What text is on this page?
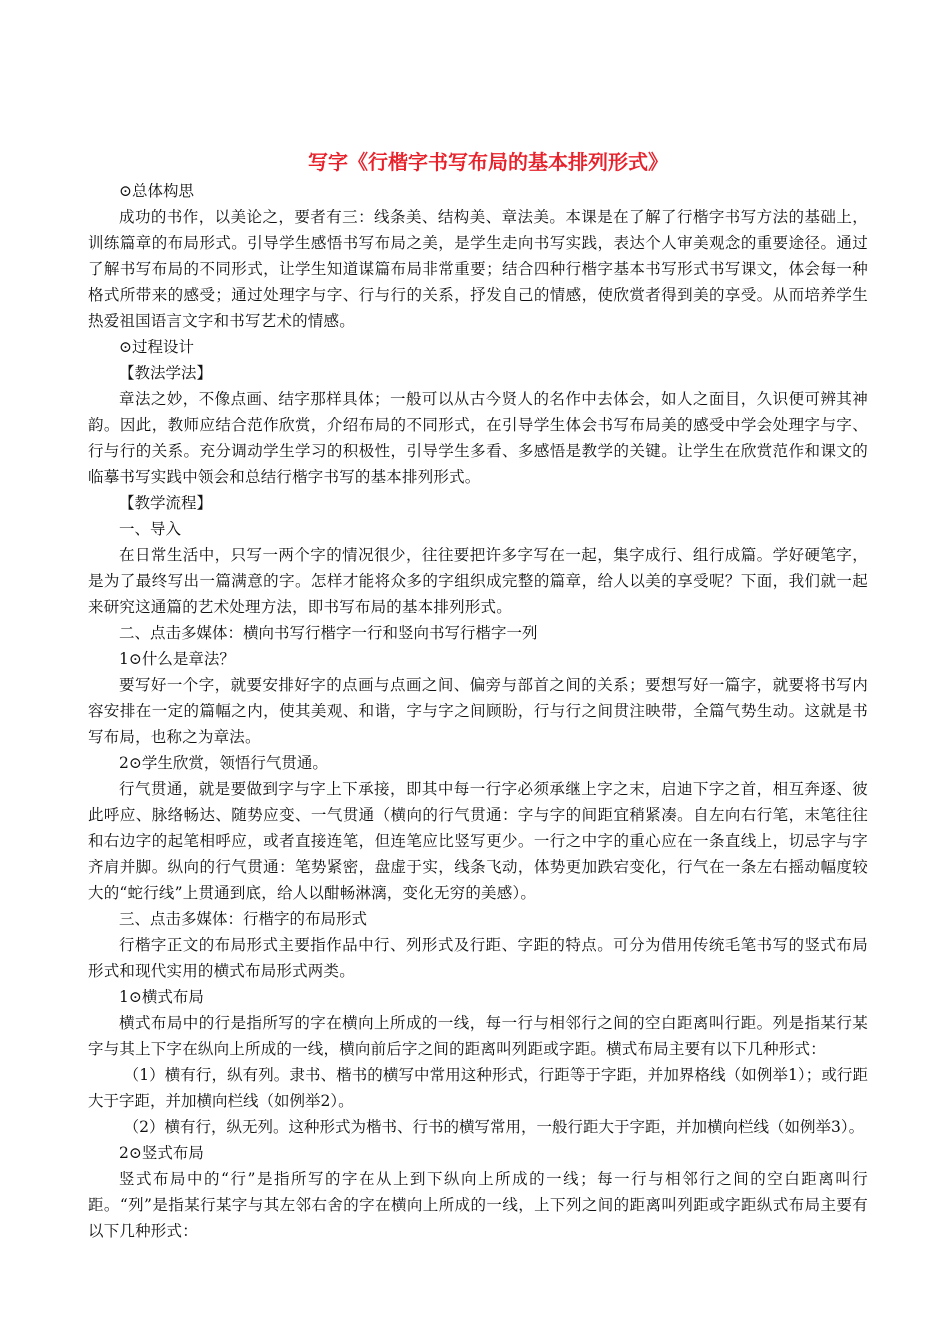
写字《行楷字书写布局的基本排列形式》
⊙总体构思
成功的书作，以美论之，要者有三：线条美、结构美、章法美。本课是在了解了行楷字书写方法的基础上，训练篇章的布局形式。引导学生感悟书写布局之美，是学生走向书写实践，表达个人审美观念的重要途径。通过了解书写布局的不同形式，让学生知道谋篇布局非常重要；结合四种行楷字基本书写形式书写课文，体会每一种格式所带来的感受；通过处理字与字、行与行的关系，抒发自己的情感，使欣赏者得到美的享受。从而培养学生热爱祖国语言文字和书写艺术的情感。
⊙过程设计
【教法学法】
章法之妙，不像点画、结字那样具体；一般可以从古今贤人的名作中去体会，如人之面目，久识便可辨其神韵。因此，教师应结合范作欣赏，介绍布局的不同形式，在引导学生体会书写布局美的感受中学会处理字与字、行与行的关系。充分调动学生学习的积极性，引导学生多看、多感悟是教学的关键。让学生在欣赏范作和课文的临摹书写实践中领会和总结行楷字书写的基本排列形式。
【教学流程】
一、导入
在日常生活中，只写一两个字的情况很少，往往要把许多字写在一起，集字成行、组行成篇。学好硬笔字，是为了最终写出一篇满意的字。怎样才能将众多的字组织成完整的篇章，给人以美的享受呢？下面，我们就一起来研究这通篇的艺术处理方法，即书写布局的基本排列形式。
二、点击多媒体：横向书写行楷字一行和竖向书写行楷字一列
1⊙什么是章法？
要写好一个字，就要安排好字的点画与点画之间、偏旁与部首之间的关系；要想写好一篇字，就要将书写内容安排在一定的篇幅之内，使其美观、和谐，字与字之间顾盼，行与行之间贯注映带，全篇气势生动。这就是书写布局，也称之为章法。
2⊙学生欣赏，领悟行气贯通。
行气贯通，就是要做到字与字上下承接，即其中每一行字必须承继上字之末，启迪下字之首，相互奔逐、彼此呼应、脉络畅达、随势应变、一气贯通（横向的行气贯通：字与字的间距宜稍紧凑。自左向右行笔，末笔往往和右边字的起笔相呼应，或者直接连笔，但连笔应比竖写更少。一行之中字的重心应在一条直线上，切忌字与字齐肩并脚。纵向的行气贯通：笔势紧密，盘虚于实，线条飞动，体势更加跌宕变化，行气在一条左右摇动幅度较大的“蛇行线”上贯通到底，给人以酣畅淋漓，变化无穷的美感）。
三、点击多媒体：行楷字的布局形式
行楷字正文的布局形式主要指作品中行、列形式及行距、字距的特点。可分为借用传统毛笔书写的竖式布局形式和现代实用的横式布局形式两类。
1⊙横式布局
横式布局中的行是指所写的字在横向上所成的一线，每一行与相邻行之间的空白距离叫行距。列是指某行某字与其上下字在纵向上所成的一线，横向前后字之间的距离叫列距或字距。横式布局主要有以下几种形式：
（1）横有行，纵有列。隶书、楷书的横写中常用这种形式，行距等于字距，并加界格线（如例举1）；或行距大于字距，并加横向栏线（如例举2）。
（2）横有行，纵无列。这种形式为楷书、行书的横写常用，一般行距大于字距，并加横向栏线（如例举3）。
2⊙竖式布局
竖式布局中的“行”是指所写的字在从上到下纵向上所成的一线；每一行与相邻行之间的空白距离叫行距。“列”是指某行某字与其左邻右舍的字在横向上所成的一线，上下列之间的距离叫列距或字距纵式布局主要有以下几种形式：
